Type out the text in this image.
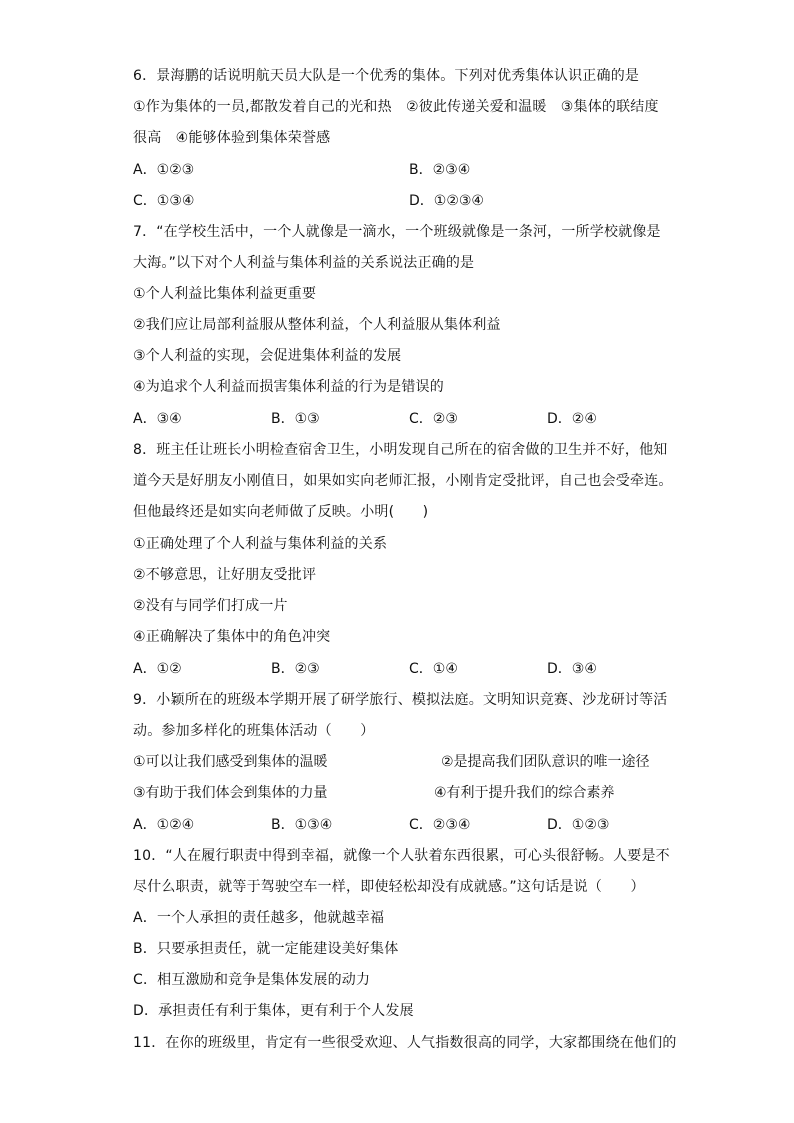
6．景海鹏的话说明航天员大队是一个优秀的集体。下列对优秀集体认识正确的是
①作为集体的一员,都散发着自己的光和热　②彼此传递关爱和温暖　③集体的联结度
很高　④能够体验到集体荣誉感
A．①②③	B．②③④
C．①③④	D．①②③④
7．“在学校生活中，一个人就像是一滴水，一个班级就像是一条河，一所学校就像是
大海。”以下对个人利益与集体利益的关系说法正确的是
①个人利益比集体利益更重要
②我们应让局部利益服从整体利益，个人利益服从集体利益
③个人利益的实现，会促进集体利益的发展
④为追求个人利益而损害集体利益的行为是错误的
A．③④	B．①③	C．②③	D．②④
8．班主任让班长小明检查宿舍卫生，小明发现自己所在的宿舍做的卫生并不好，他知
道今天是好朋友小刚值日，如果如实向老师汇报，小刚肯定受批评，自己也会受牵连。
但他最终还是如实向老师做了反映。小明(　　)
①正确处理了个人利益与集体利益的关系
②不够意思，让好朋友受批评
②没有与同学们打成一片
④正确解决了集体中的角色冲突
A．①②	B．②③	C．①④	D．③④
9．小颖所在的班级本学期开展了研学旅行、模拟法庭。文明知识竞赛、沙龙研讨等活
动。参加多样化的班集体活动（　　）
①可以让我们感受到集体的温暖	②是提高我们团队意识的唯一途径
③有助于我们体会到集体的力量	④有利于提升我们的综合素养
A．①②④	B．①③④	C．②③④	D．①②③
10．“人在履行职责中得到幸福，就像一个人驮着东西很累，可心头很舒畅。人要是不
尽什么职责，就等于驾驶空车一样，即使轻松却没有成就感。”这句话是说（　　）
A．一个人承担的责任越多，他就越幸福
B．只要承担责任，就一定能建设美好集体
C．相互激励和竞争是集体发展的动力
D．承担责任有利于集体，更有利于个人发展
11．在你的班级里，肯定有一些很受欢迎、人气指数很高的同学，大家都围绕在他们的
